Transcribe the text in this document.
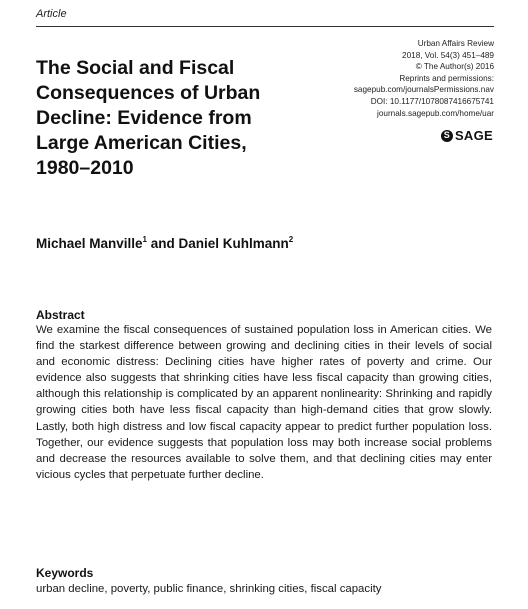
Article
The Social and Fiscal
Consequences of Urban
Decline: Evidence from
Large American Cities,
1980–2010
Urban Affairs Review
2018, Vol. 54(3) 451–489
© The Author(s) 2016
Reprints and permissions:
sagepub.com/journalsPermissions.nav
DOI: 10.1177/1078087416675741
journals.sagepub.com/home/uar
S SAGE
Michael Manville$^1$ and Daniel Kuhlmann$^2$
Abstract
We examine the fiscal consequences of sustained population loss in American cities. We find the starkest difference between growing and declining cities in their levels of social and economic distress: Declining cities have higher rates of poverty and crime. Our evidence also suggests that shrinking cities have less fiscal capacity than growing cities, although this relationship is complicated by an apparent nonlinearity: Shrinking and rapidly growing cities both have less fiscal capacity than high-demand cities that grow slowly. Lastly, both high distress and low fiscal capacity appear to predict further population loss. Together, our evidence suggests that population loss may both increase social problems and decrease the resources available to solve them, and that declining cities may enter vicious cycles that perpetuate further decline.
Keywords
urban decline, poverty, public finance, shrinking cities, fiscal capacity
